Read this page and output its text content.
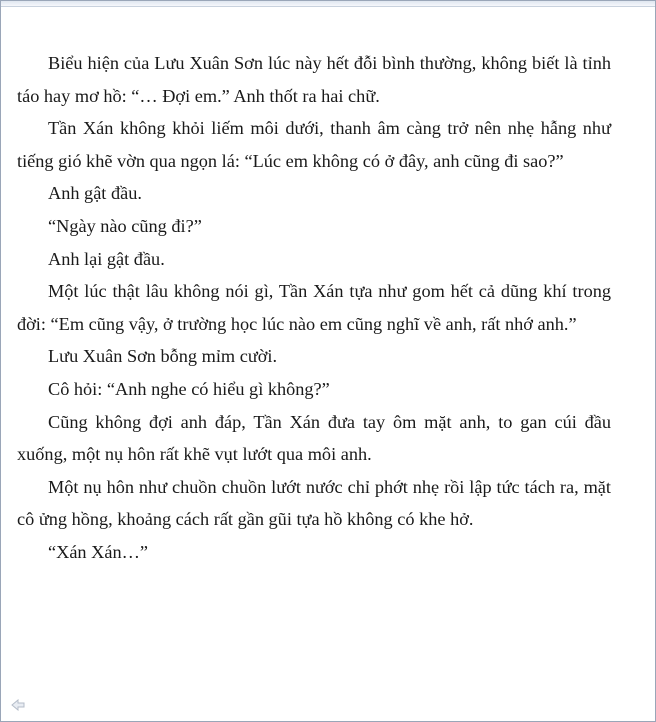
Biểu hiện của Lưu Xuân Sơn lúc này hết đỗi bình thường, không biết là tỉnh táo hay mơ hồ: “… Đợi em.” Anh thốt ra hai chữ.

Tần Xán không khỏi liếm môi dưới, thanh âm càng trở nên nhẹ hẫng như tiếng gió khẽ vờn qua ngọn lá: “Lúc em không có ở đây, anh cũng đi sao?”

Anh gật đầu.

“Ngày nào cũng đi?”

Anh lại gật đầu.

Một lúc thật lâu không nói gì, Tần Xán tựa như gom hết cả dũng khí trong đời: “Em cũng vậy, ở trường học lúc nào em cũng nghĩ về anh, rất nhớ anh.”

Lưu Xuân Sơn bỗng mỉm cười.

Cô hỏi: “Anh nghe có hiểu gì không?”

Cũng không đợi anh đáp, Tần Xán đưa tay ôm mặt anh, to gan cúi đầu xuống, một nụ hôn rất khẽ vụt lướt qua môi anh.

Một nụ hôn như chuồn chuồn lướt nước chỉ phớt nhẹ rồi lập tức tách ra, mặt cô ửng hồng, khoảng cách rất gần gũi tựa hồ không có khe hở.

“Xán Xán…”
